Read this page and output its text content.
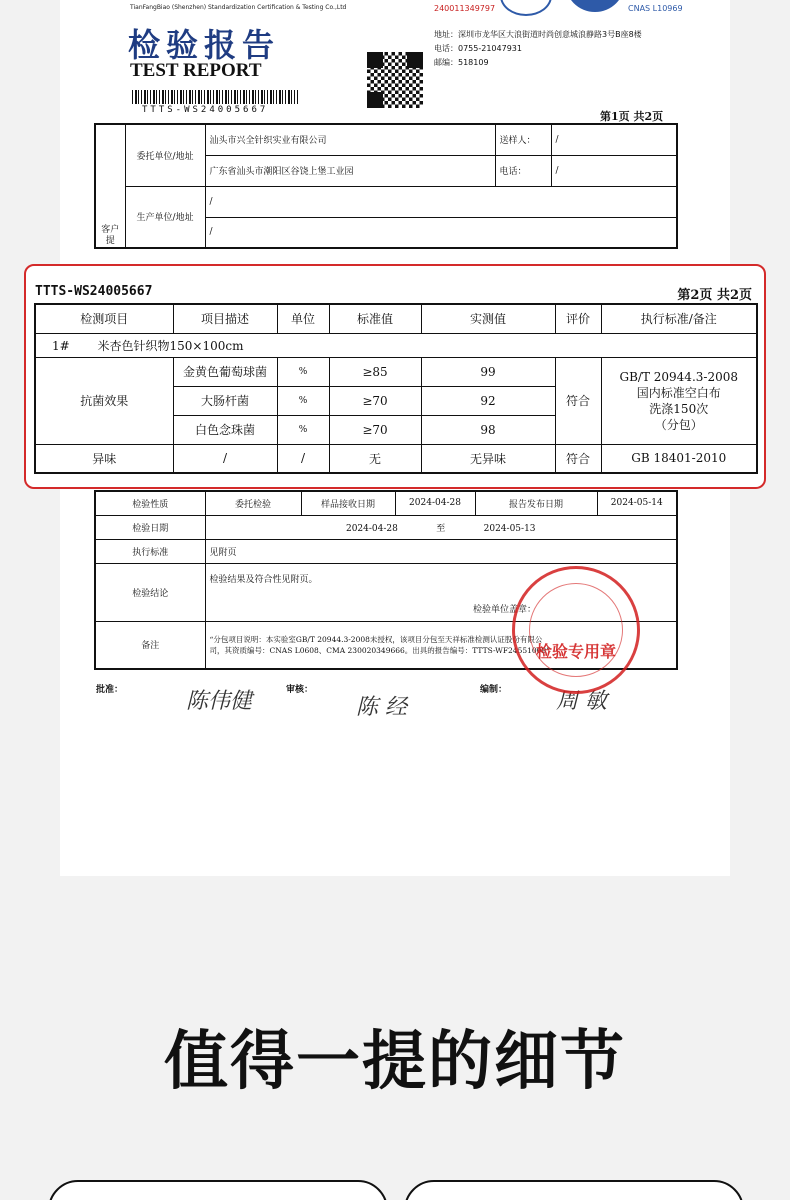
TianFangBiao (Shenzhen) Standardization Certification & Testing Co.,Ltd
检验报告
TEST REPORT
TTTS-WS24005667
240011349797	CNAS L10969
地址：深圳市龙华区大浪街道时尚创意城浪静路3号B座8楼
电话：0755-21047931
邮编：518109
第1页 共2页
客户提	委托单位/地址	汕头市兴全针织实业有限公司	送样人：	/
		广东省汕头市潮阳区谷饶上堡工业园	电话：	/
	生产单位/地址	/		
		/		
检验性质	委托检验	样品接收日期	2024-04-28	报告发布日期	2024-05-14
检验日期	2024-04-28 至 2024-05-13				
执行标准	见附页				
检验结论	检验结果及符合性见附页。
检验单位盖章：				

备注	“分包项目说明：本实验室GB/T 20944.3-2008未授权，该项目分包至天祥标准检测认证股份有限公司，其资质编号：CNAS L0608、CMA 230020349666。出具的报告编号：TTTS-WF24551009”				
批准：	陈伟健	审核：
陈 经
编制： 周 敏
检验专用章
TTTS-WS24005667	第2页 共2页
检测项目	项目描述	单位	标准值	实测值	评价	执行标准/备注
1# 米杏色针织物150×100cm						
抗菌效果	金黄色葡萄球菌	%	≥85	99	符合	GB/T 20944.3-2008
国内标准空白布
洗涤150次
（分包）

	大肠杆菌	%	≥70	92		
	白色念珠菌	%	≥70	98		
异味	/	/	无	无异味	符合	GB 18401-2010
值得一提的细节
